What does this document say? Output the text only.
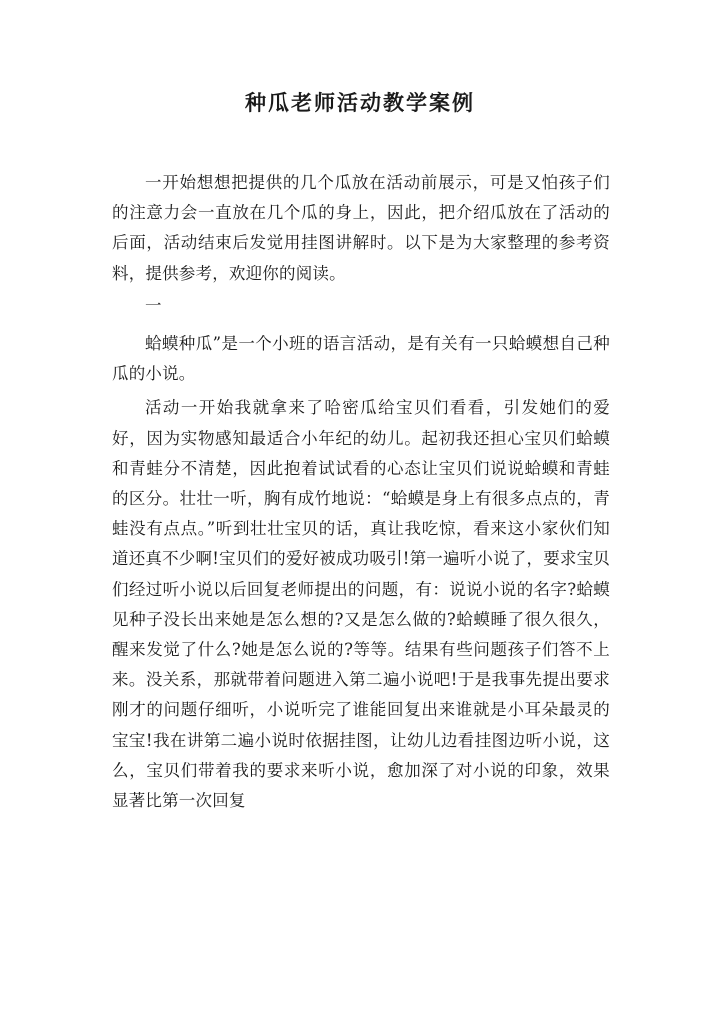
种瓜老师活动教学案例

一开始想想把提供的几个瓜放在活动前展示，可是又怕孩子们的注意力会一直放在几个瓜的身上，因此，把介绍瓜放在了活动的后面，活动结束后发觉用挂图讲解时。以下是为大家整理的参考资料，提供参考，欢迎你的阅读。

一

蛤蟆种瓜”是一个小班的语言活动，是有关有一只蛤蟆想自己种瓜的小说。

活动一开始我就拿来了哈密瓜给宝贝们看看，引发她们的爱好，因为实物感知最适合小年纪的幼儿。起初我还担心宝贝们蛤蟆和青蛙分不清楚，因此抱着试试看的心态让宝贝们说说蛤蟆和青蛙的区分。壮壮一听，胸有成竹地说：“蛤蟆是身上有很多点点的，青蛙没有点点。”听到壮壮宝贝的话，真让我吃惊，看来这小家伙们知道还真不少啊!宝贝们的爱好被成功吸引!第一遍听小说了，要求宝贝们经过听小说以后回复老师提出的问题，有：说说小说的名字?蛤蟆见种子没长出来她是怎么想的?又是怎么做的?蛤蟆睡了很久很久，醒来发觉了什么?她是怎么说的?等等。结果有些问题孩子们答不上来。没关系，那就带着问题进入第二遍小说吧!于是我事先提出要求刚才的问题仔细听，小说听完了谁能回复出来谁就是小耳朵最灵的宝宝!我在讲第二遍小说时依据挂图，让幼儿边看挂图边听小说，这么，宝贝们带着我的要求来听小说，愈加深了对小说的印象，效果显著比第一次回复
